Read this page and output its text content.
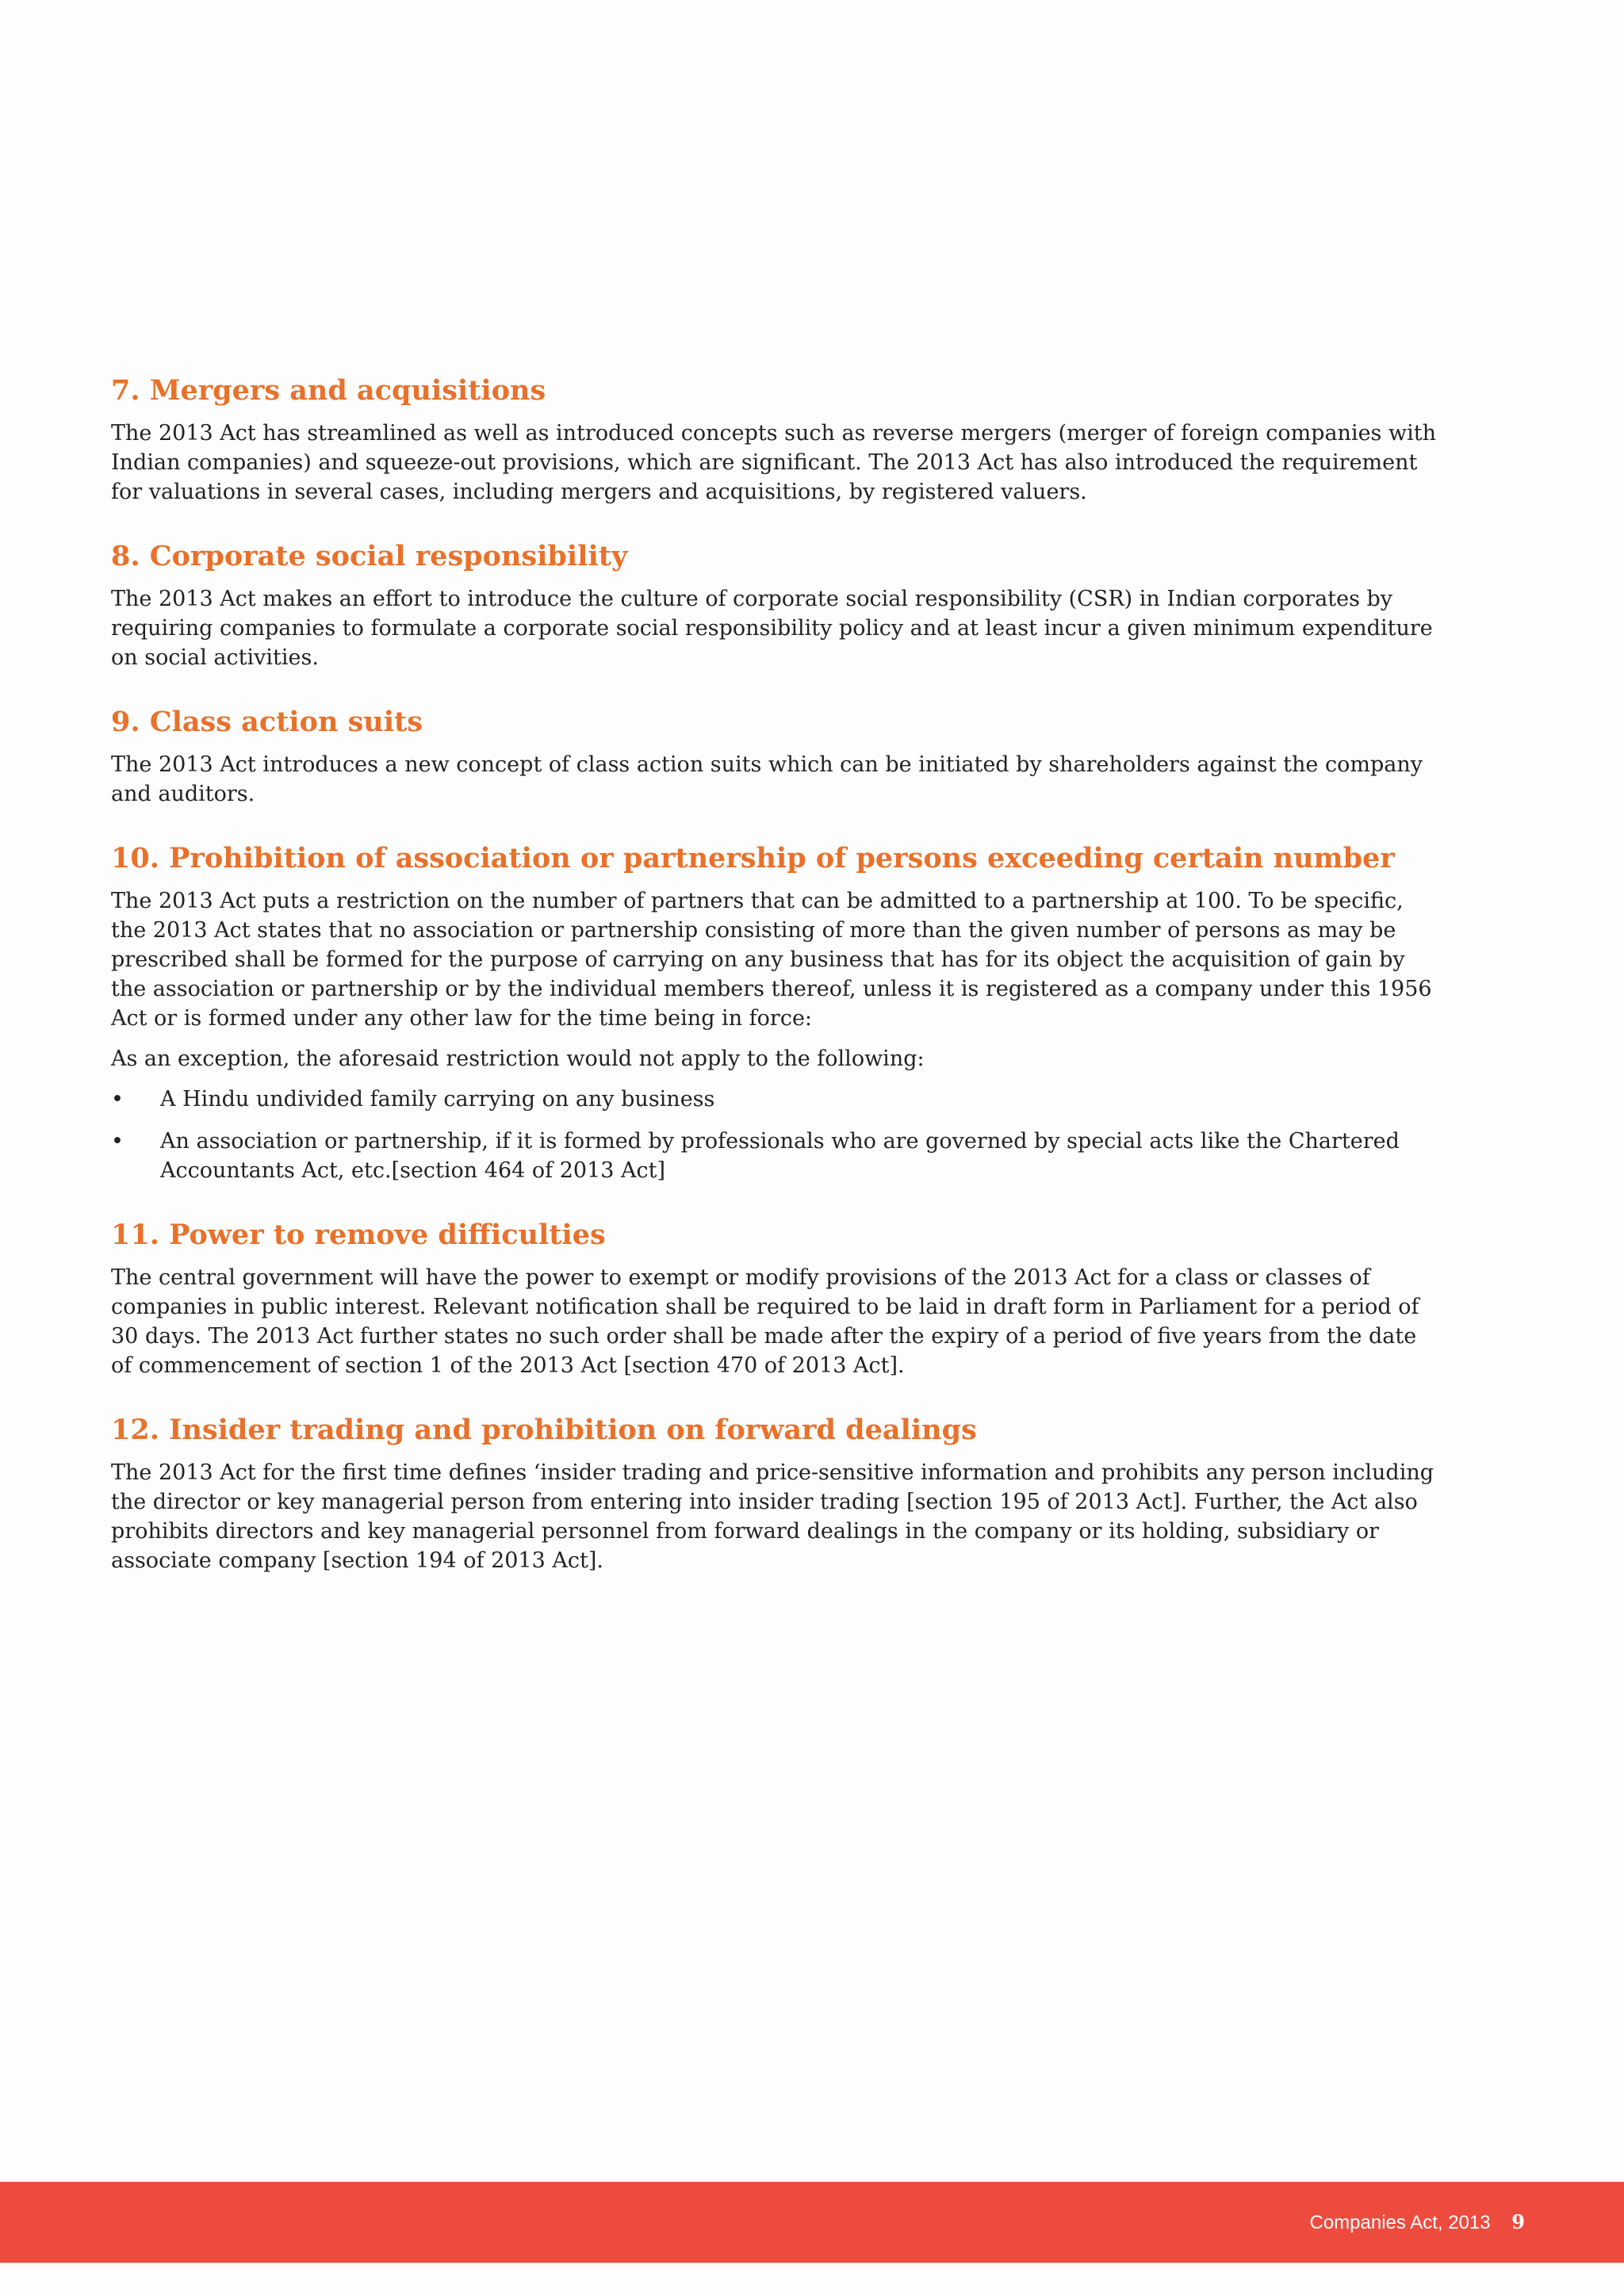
7. Mergers and acquisitions

The 2013 Act has streamlined as well as introduced concepts such as reverse mergers (merger of foreign companies with Indian companies) and squeeze-out provisions, which are significant. The 2013 Act has also introduced the requirement for valuations in several cases, including mergers and acquisitions, by registered valuers.

8. Corporate social responsibility

The 2013 Act makes an effort to introduce the culture of corporate social responsibility (CSR) in Indian corporates by requiring companies to formulate a corporate social responsibility policy and at least incur a given minimum expenditure on social activities.

9. Class action suits

The 2013 Act introduces a new concept of class action suits which can be initiated by shareholders against the company and auditors.

10. Prohibition of association or partnership of persons exceeding certain number

The 2013 Act puts a restriction on the number of partners that can be admitted to a partnership at 100. To be specific, the 2013 Act states that no association or partnership consisting of more than the given number of persons as may be prescribed shall be formed for the purpose of carrying on any business that has for its object the acquisition of gain by the association or partnership or by the individual members thereof, unless it is registered as a company under this 1956 Act or is formed under any other law for the time being in force:

As an exception, the aforesaid restriction would not apply to the following:

•	A Hindu undivided family carrying on any business
•	An association or partnership, if it is formed by professionals who are governed by special acts like the Chartered Accountants Act, etc.[section 464 of 2013 Act]
11. Power to remove difficulties

The central government will have the power to exempt or modify provisions of the 2013 Act for a class or classes of companies in public interest. Relevant notification shall be required to be laid in draft form in Parliament for a period of 30 days. The 2013 Act further states no such order shall be made after the expiry of a period of five years from the date of commencement of section 1 of the 2013 Act [section 470 of 2013 Act].

12. Insider trading and prohibition on forward dealings

The 2013 Act for the first time defines ‘insider trading and price-sensitive information and prohibits any person including the director or key managerial person from entering into insider trading [section 195 of 2013 Act]. Further, the Act also prohibits directors and key managerial personnel from forward dealings in the company or its holding, subsidiary or associate company [section 194 of 2013 Act].

Companies Act, 2013 9
